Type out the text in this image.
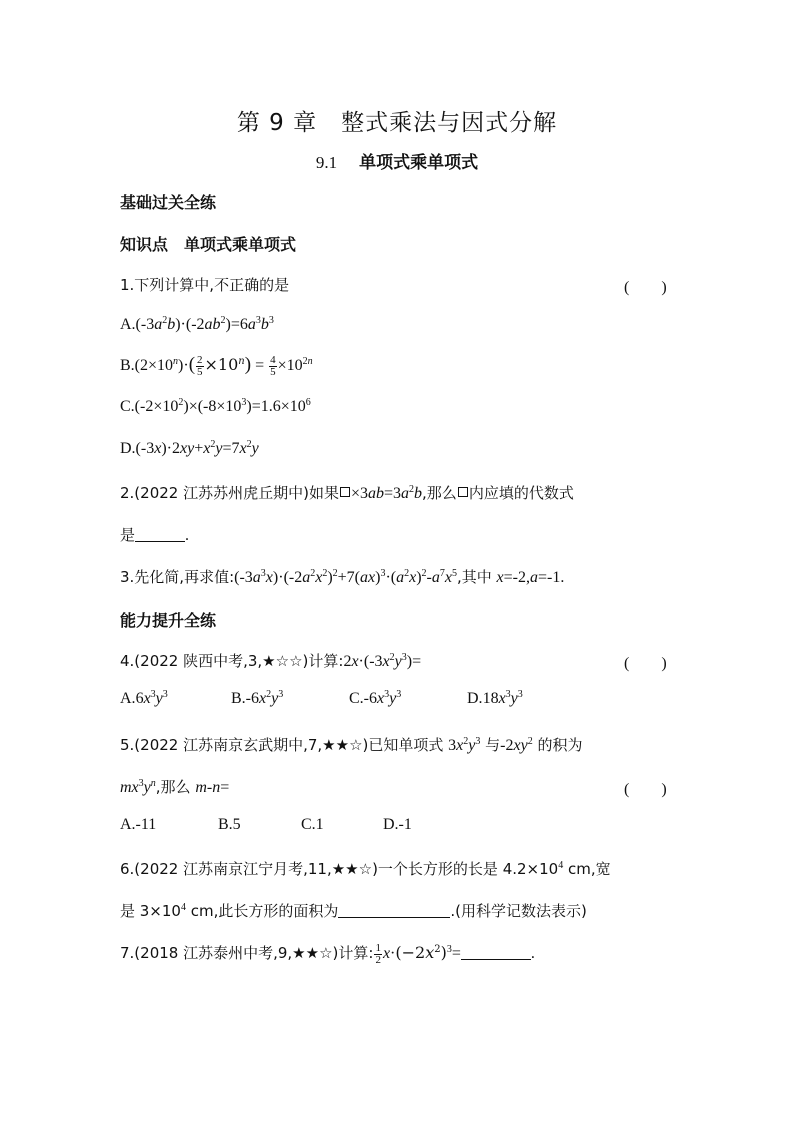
第 9 章　整式乘法与因式分解
9.1 单项式乘单项式
基础过关全练
知识点　单项式乘单项式
1.下列计算中,不正确的是	(　　)
$A.(-3a^2b)\cdot(-2ab^2)=6a^3b^3$
$B.(2\times 10^n)\cdot( \frac{2}{5} \times 10^n) = \frac{4}{5} \times 10^{2n}$
$C.(-2\times 10^2)\times(-8\times 10^3)=1.6\times 10^6$
$D.(-3x)\cdot 2xy+x^2y=7x^2y$
2.(2022 江苏苏州虎丘期中)如果 $\times 3ab=3a^2b$,那么 内应填的代数式
是	.
3.先化简,再求值$:(-3a^3x)\cdot(-2a^2x^2)^2+7(ax)^3\cdot(a^2x)^2-a^7x^5$,其中 x=-2,a=-1.
能力提升全练
4.(2022 陕西中考,3,★☆☆)计算$:2x\cdot(-3x^2y^3)=$	(　　)
$A.6x^3y^3$	$B.-6x^2y^3$	$C.-6x^3y^3$	$D.18x^3y^3$
5.(2022 江苏南京玄武期中,7,★★☆)已知单项式 $3x^2y^3$ 与$-2xy^2$ 的积为
$mx^3y^n$,那么 m-n=	(　　)
A.-11	B.5	C.1	D.-1
6.(2022 江苏南京江宁月考,11,★★☆)一个长方形的长是 $4.2\times 10^4$ cm,宽
是 $3\times 10^4$ cm,此长方形的面积为	.(用科学记数法表示)
7.(2018 江苏泰州中考,9,★★☆)计算: $\frac{1}{2} x\cdot(-2x^2)^3=$	.
